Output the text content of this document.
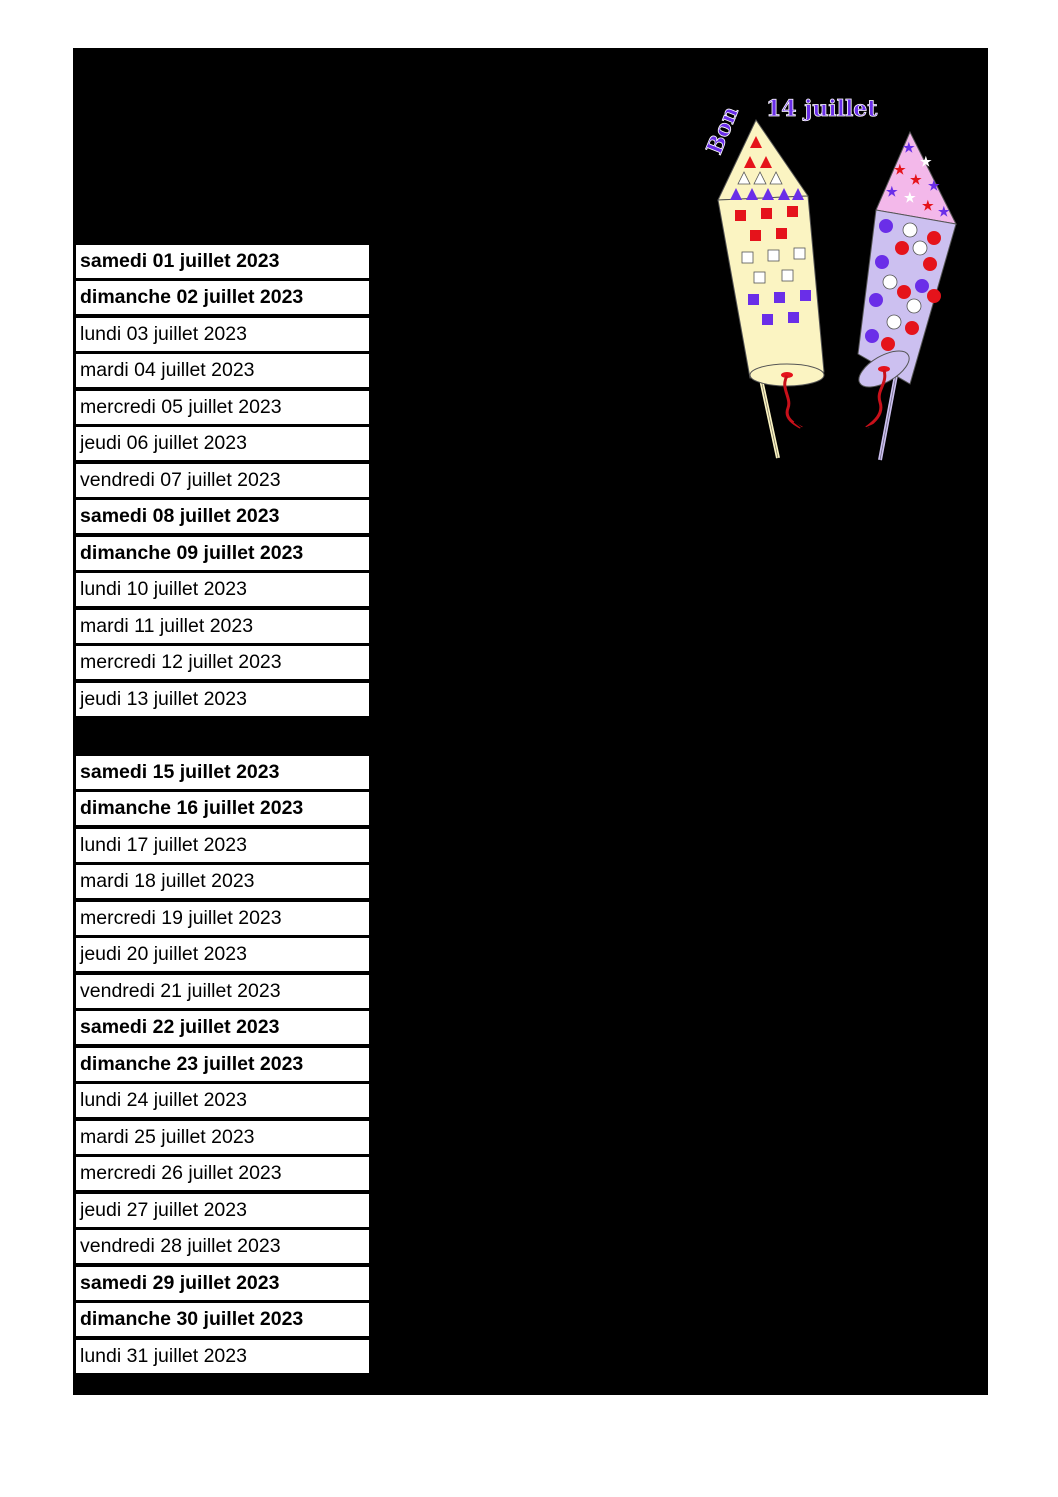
samedi 01 juillet 2023
dimanche 02 juillet 2023
lundi 03 juillet 2023
mardi 04 juillet 2023
mercredi 05 juillet 2023
jeudi 06 juillet 2023
vendredi 07 juillet 2023
samedi 08 juillet 2023
dimanche 09 juillet 2023
lundi 10 juillet 2023
mardi 11 juillet 2023
mercredi 12 juillet 2023
jeudi 13 juillet 2023
samedi 15 juillet 2023
dimanche 16 juillet 2023
lundi 17 juillet 2023
mardi 18 juillet 2023
mercredi 19 juillet 2023
jeudi 20 juillet 2023
vendredi 21 juillet 2023
samedi 22 juillet 2023
dimanche 23 juillet 2023
lundi 24 juillet 2023
mardi 25 juillet 2023
mercredi 26 juillet 2023
jeudi 27 juillet 2023
vendredi 28 juillet 2023
samedi 29 juillet 2023
dimanche 30 juillet 2023
lundi 31 juillet 2023
Bon 14 juillet
★
★
★
★ ★
★ ★
★ ★
